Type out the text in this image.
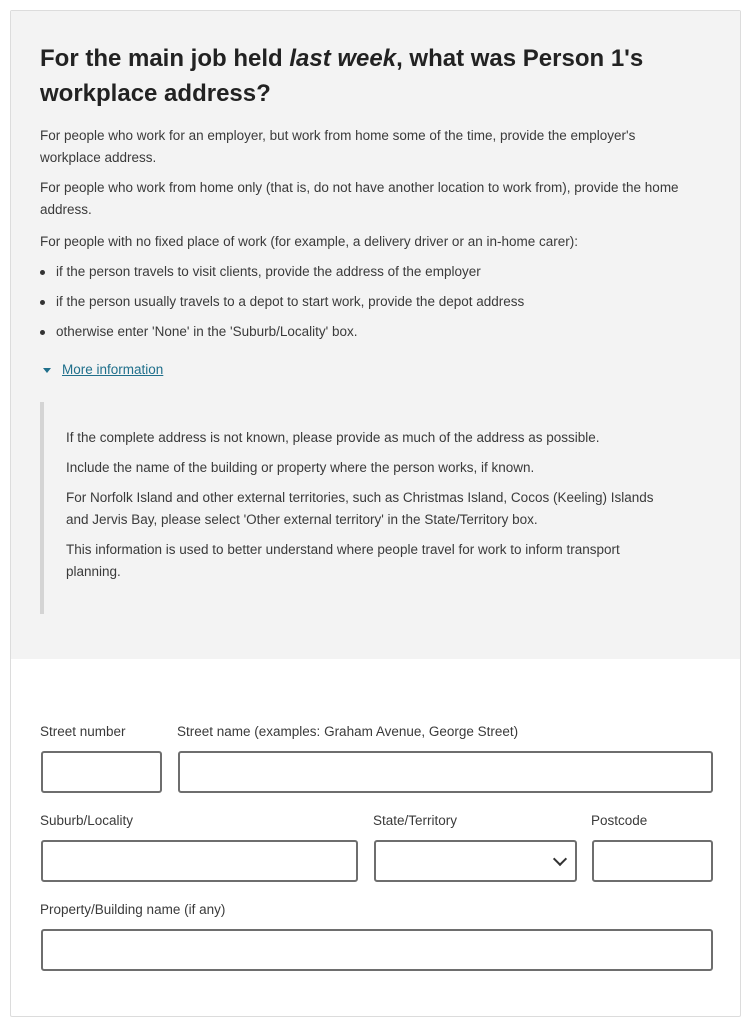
For the main job held last week, what was Person 1's workplace address?

For people who work for an employer, but work from home some of the time, provide the employer's workplace address.

For people who work from home only (that is, do not have another location to work from), provide the home address.

For people with no fixed place of work (for example, a delivery driver or an in-home carer):

if the person travels to visit clients, provide the address of the employer
if the person usually travels to a depot to start work, provide the depot address
otherwise enter 'None' in the 'Suburb/Locality' box.
More information

If the complete address is not known, please provide as much of the address as possible.

Include the name of the building or property where the person works, if known.

For Norfolk Island and other external territories, such as Christmas Island, Cocos (Keeling) Islands and Jervis Bay, please select 'Other external territory' in the State/Territory box.

This information is used to better understand where people travel for work to inform transport planning.

Street number	Street name (examples: Graham Avenue, George Street)
Suburb/Locality	State/Territory	Postcode
Property/Building name (if any)
